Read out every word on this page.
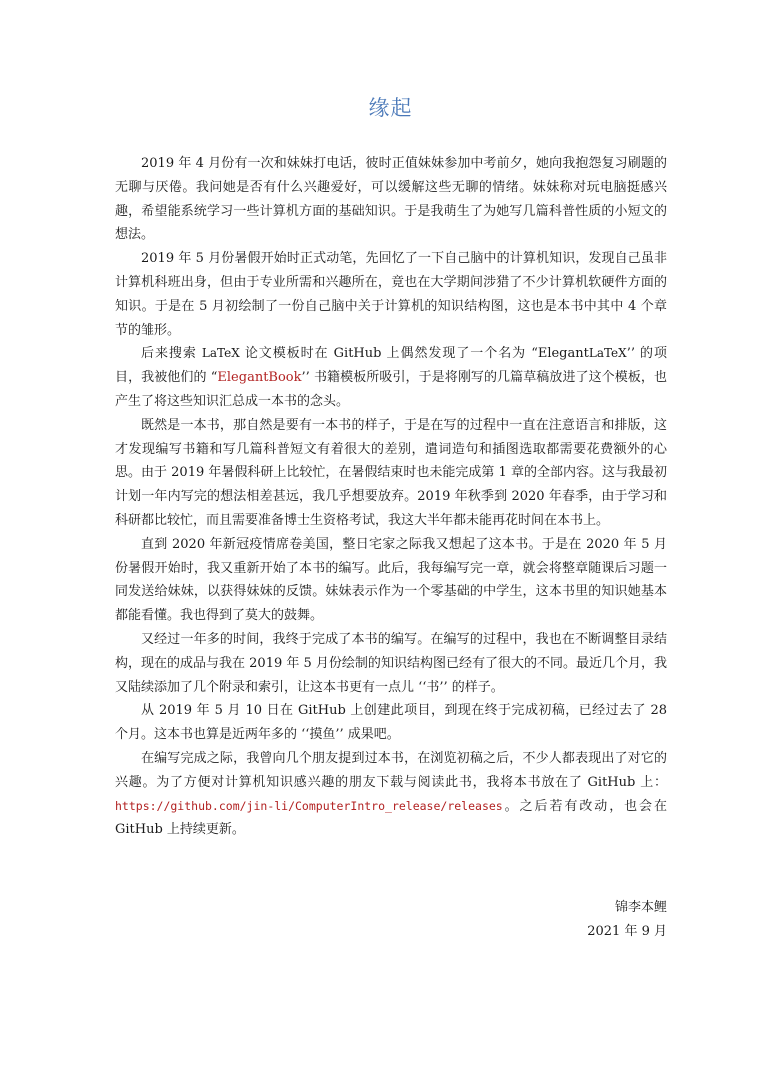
缘起

2019 年 4 月份有一次和妹妹打电话，彼时正值妹妹参加中考前夕，她向我抱怨复习刷题的无聊与厌倦。我问她是否有什么兴趣爱好，可以缓解这些无聊的情绪。妹妹称对玩电脑挺感兴趣，希望能系统学习一些计算机方面的基础知识。于是我萌生了为她写几篇科普性质的小短文的想法。

2019 年 5 月份暑假开始时正式动笔，先回忆了一下自己脑中的计算机知识，发现自己虽非计算机科班出身，但由于专业所需和兴趣所在，竟也在大学期间涉猎了不少计算机软硬件方面的知识。于是在 5 月初绘制了一份自己脑中关于计算机的知识结构图，这也是本书中其中 4 个章节的雏形。

后来搜索 LaTeX 论文模板时在 GitHub 上偶然发现了一个名为 “ElegantLaTeX’’ 的项目，我被他们的 “ElegantBook’’ 书籍模板所吸引，于是将刚写的几篇草稿放进了这个模板，也产生了将这些知识汇总成一本书的念头。

既然是一本书，那自然是要有一本书的样子，于是在写的过程中一直在注意语言和排版，这才发现编写书籍和写几篇科普短文有着很大的差别，遣词造句和插图选取都需要花费额外的心思。由于 2019 年暑假科研上比较忙，在暑假结束时也未能完成第 1 章的全部内容。这与我最初计划一年内写完的想法相差甚远，我几乎想要放弃。2019 年秋季到 2020 年春季，由于学习和科研都比较忙，而且需要准备博士生资格考试，我这大半年都未能再花时间在本书上。

直到 2020 年新冠疫情席卷美国，整日宅家之际我又想起了这本书。于是在 2020 年 5 月份暑假开始时，我又重新开始了本书的编写。此后，我每编写完一章，就会将整章随课后习题一同发送给妹妹，以获得妹妹的反馈。妹妹表示作为一个零基础的中学生，这本书里的知识她基本都能看懂。我也得到了莫大的鼓舞。

又经过一年多的时间，我终于完成了本书的编写。在编写的过程中，我也在不断调整目录结构，现在的成品与我在 2019 年 5 月份绘制的知识结构图已经有了很大的不同。最近几个月，我又陆续添加了几个附录和索引，让这本书更有一点儿 ‘‘书’’ 的样子。

从 2019 年 5 月 10 日在 GitHub 上创建此项目，到现在终于完成初稿，已经过去了 28 个月。这本书也算是近两年多的 ‘‘摸鱼’’ 成果吧。

在编写完成之际，我曾向几个朋友提到过本书，在浏览初稿之后，不少人都表现出了对它的兴趣。为了方便对计算机知识感兴趣的朋友下载与阅读此书，我将本书放在了 GitHub 上：https://github.com/jin-li/ComputerIntro_release/releases。之后若有改动，也会在 GitHub 上持续更新。

锦李本鲤
2021 年 9 月
